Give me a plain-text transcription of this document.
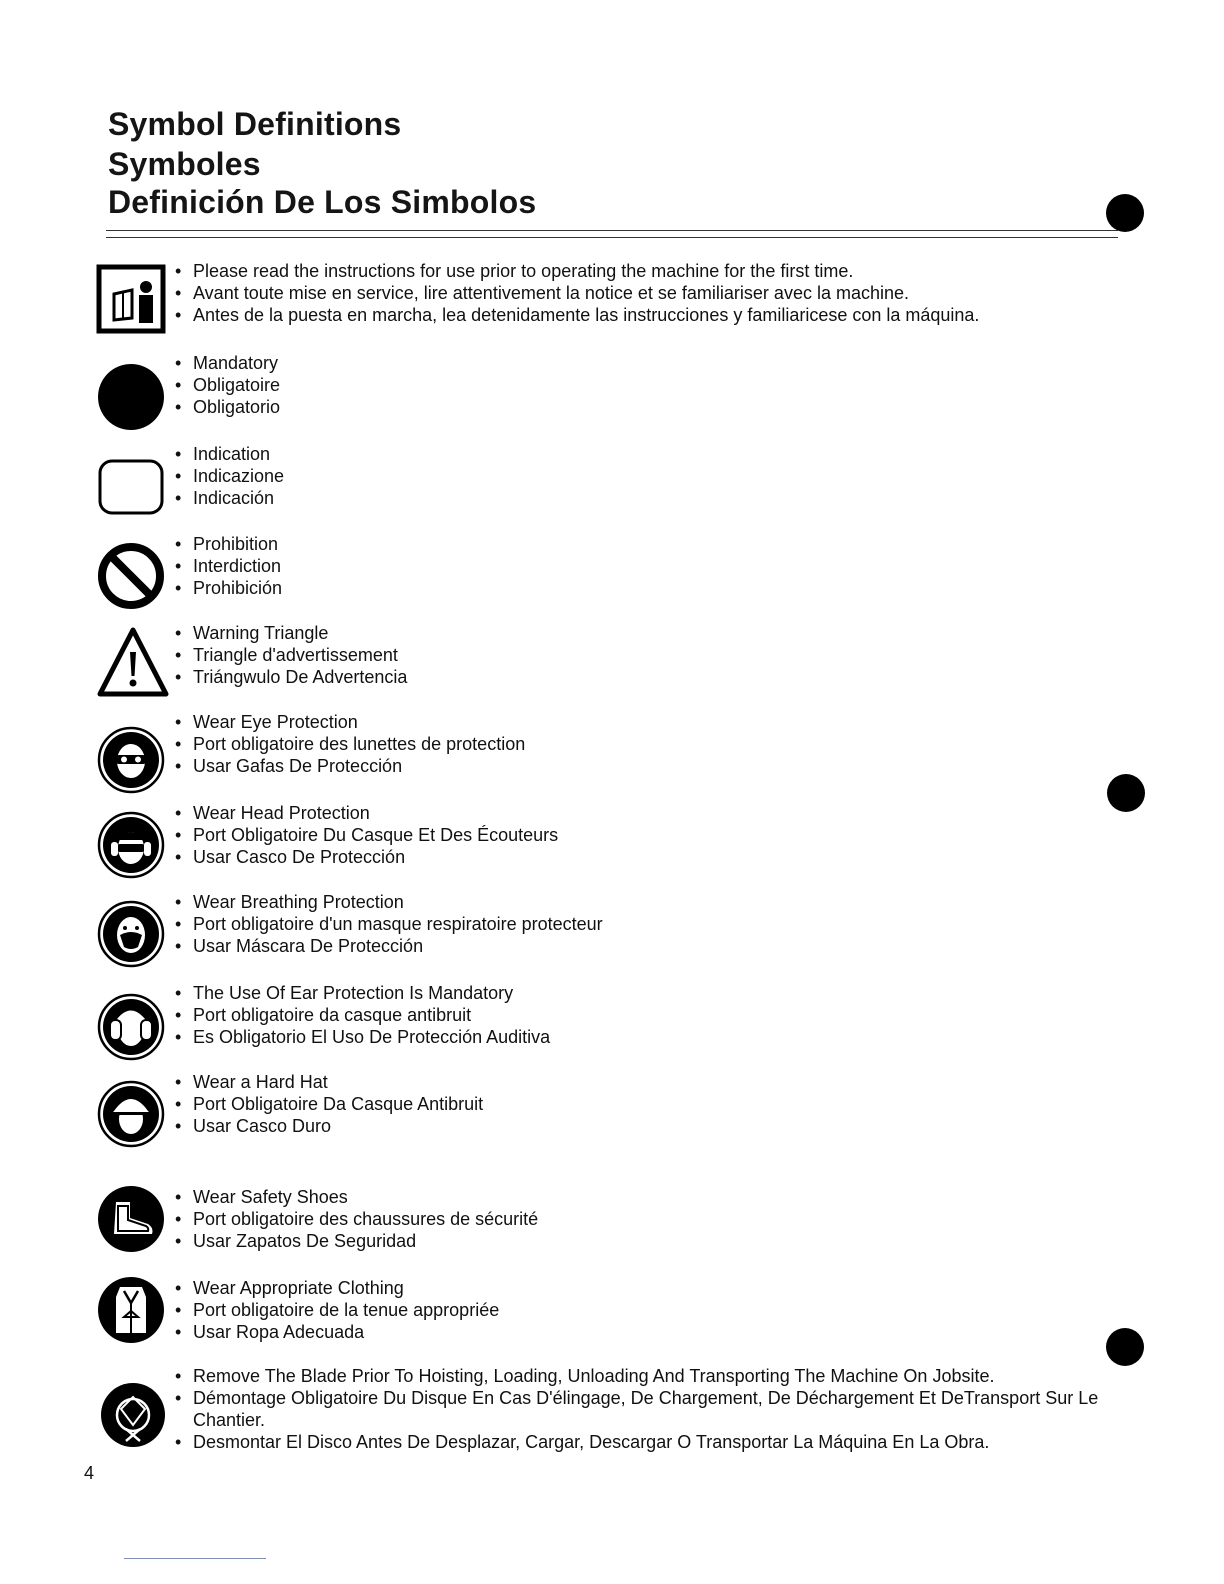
Symbol Definitions
Symboles
Definición De Los Simbolos
• Please read the instructions for use prior to operating the machine for the first time.
• Avant toute mise en service, lire attentivement la notice et se familiariser avec la machine.
• Antes de la puesta en marcha, lea detenidamente las instrucciones y familiaricese con la máquina.
• Mandatory
• Obligatoire
• Obligatorio
• Indication
• Indicazione
• Indicación
• Prohibition
• Interdiction
• Prohibición
• Warning Triangle
• Triangle d'advertissement
• Triángwulo De Advertencia
• Wear Eye Protection
• Port obligatoire des lunettes de protection
• Usar Gafas De Protección
• Wear Head Protection
• Port Obligatoire Du Casque Et Des Écouteurs
• Usar Casco De Protección
• Wear Breathing Protection
• Port obligatoire d'un masque respiratoire protecteur
• Usar Máscara De Protección
• The Use Of Ear Protection Is Mandatory
• Port obligatoire da casque antibruit
• Es Obligatorio El Uso De Protección Auditiva
• Wear a Hard Hat
• Port Obligatoire Da Casque Antibruit
• Usar Casco Duro
• Wear Safety Shoes
• Port obligatoire des chaussures de sécurité
• Usar Zapatos De Seguridad
• Wear Appropriate Clothing
• Port obligatoire de la tenue appropriée
• Usar Ropa Adecuada
• Remove The Blade Prior To Hoisting, Loading, Unloading And Transporting The Machine On Jobsite.
• Démontage Obligatoire Du Disque En Cas D'élingage, De Chargement, De Déchargement Et DeTransport Sur Le Chantier.
• Desmontar El Disco Antes De Desplazar, Cargar, Descargar O Transportar La Máquina En La Obra.
4
